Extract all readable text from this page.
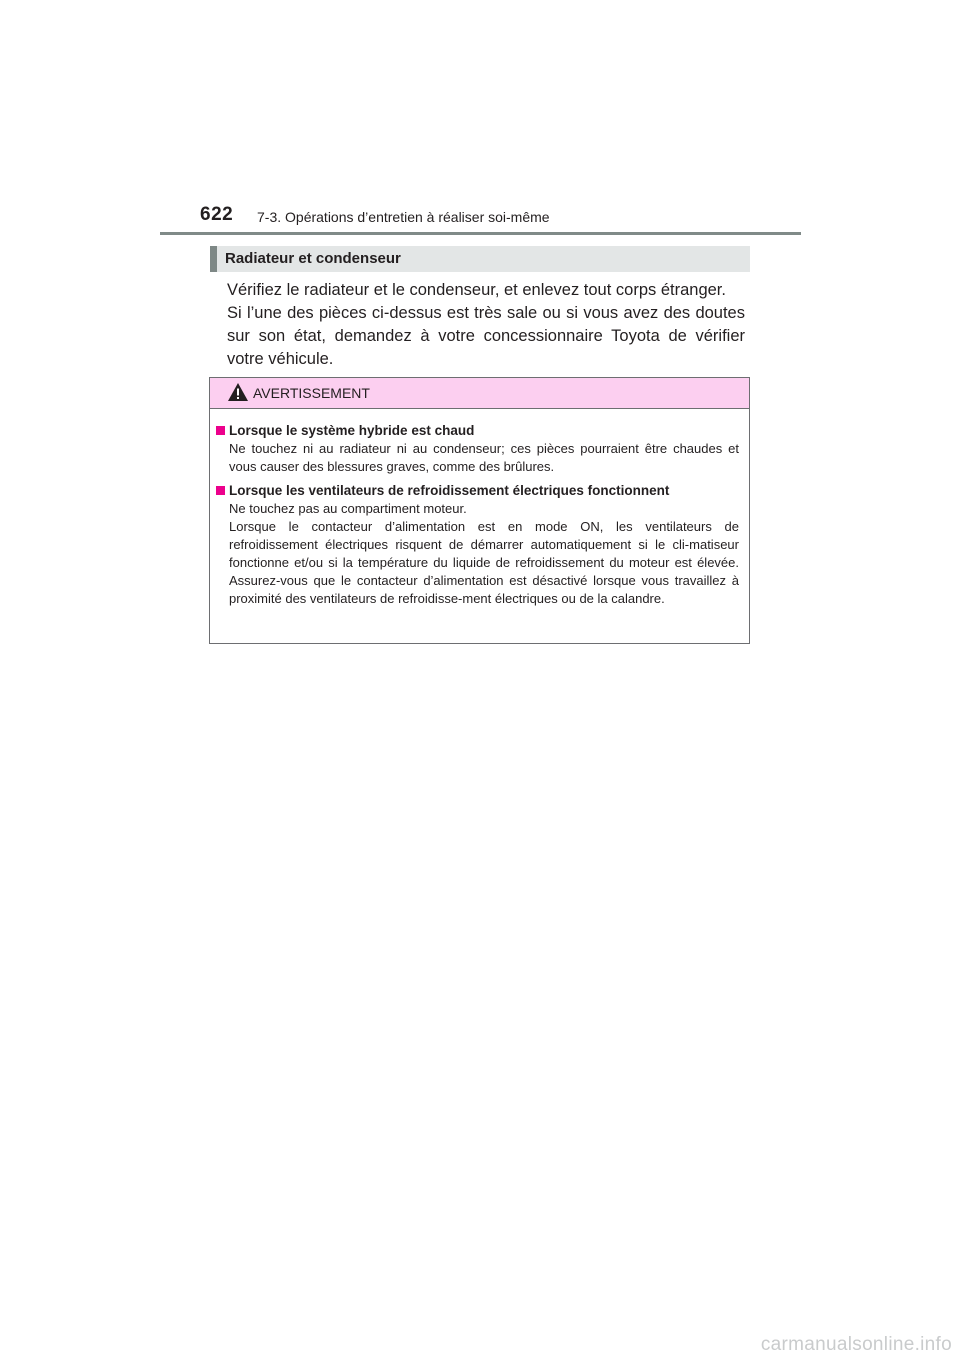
622 7-3. Opérations d’entretien à réaliser soi-même
Radiateur et condenseur

Vérifiez le radiateur et le condenseur, et enlevez tout corps étranger.

Si l’une des pièces ci-dessus est très sale ou si vous avez des doutes sur son état, demandez à votre concessionnaire Toyota de vérifier votre véhicule.

AVERTISSEMENT
Lorsque le système hybride est chaud

Ne touchez ni au radiateur ni au condenseur; ces pièces pourraient être chaudes et vous causer des blessures graves, comme des brûlures.

Lorsque les ventilateurs de refroidissement électriques fonctionnent

Ne touchez pas au compartiment moteur.

Lorsque le contacteur d’alimentation est en mode ON, les ventilateurs de refroidissement électriques risquent de démarrer automatiquement si le cli-matiseur fonctionne et/ou si la température du liquide de refroidissement du moteur est élevée. Assurez-vous que le contacteur d’alimentation est désactivé lorsque vous travaillez à proximité des ventilateurs de refroidisse-ment électriques ou de la calandre.

carmanualsonline.info
